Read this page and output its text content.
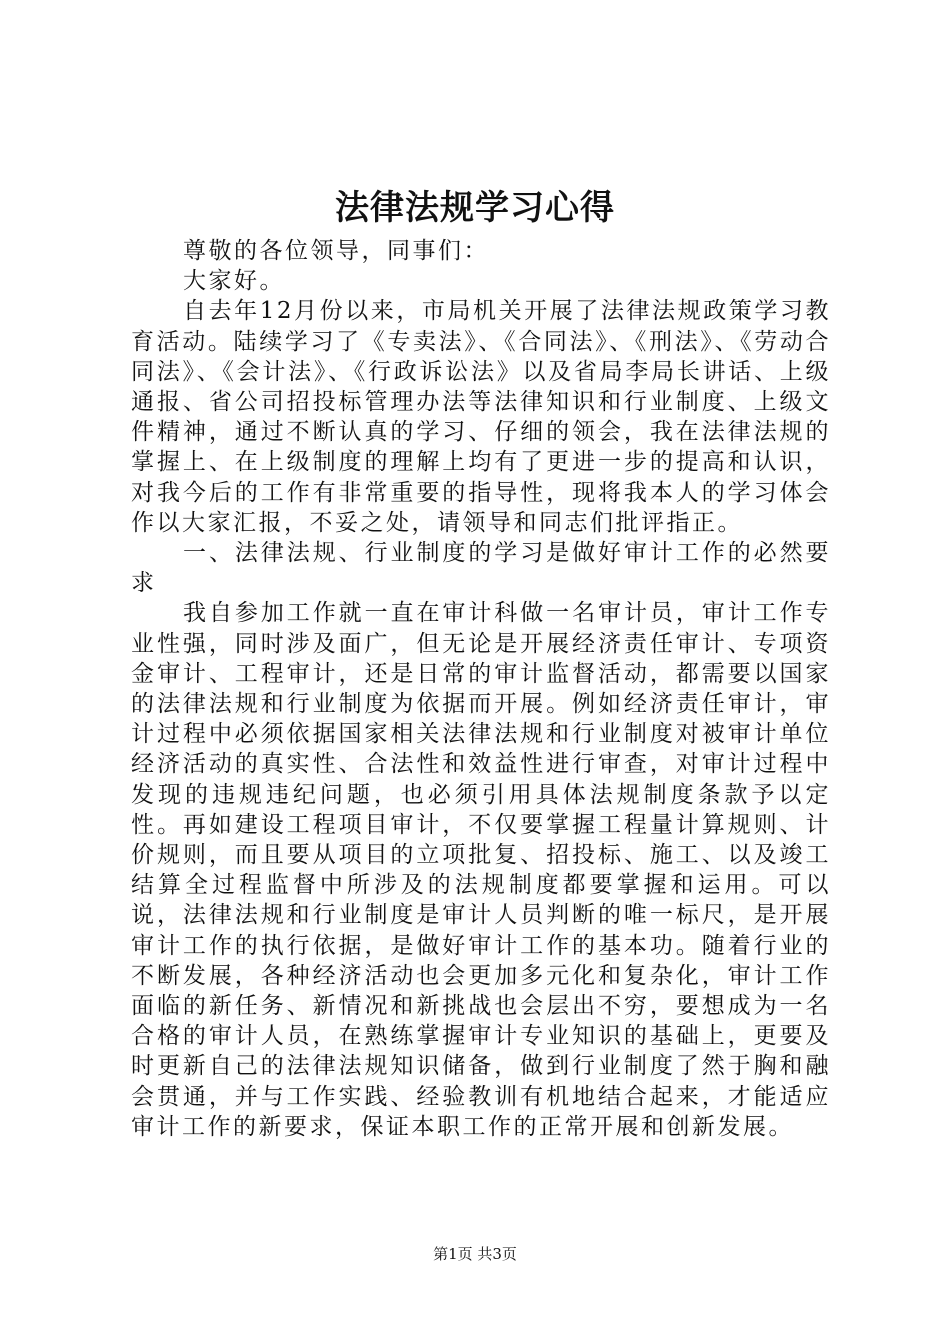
法律法规学习心得

尊敬的各位领导，同事们：

大家好。

自去年12月份以来，市局机关开展了法律法规政策学习教育活动。陆续学习了《专卖法》、《合同法》、《刑法》、《劳动合同法》、《会计法》、《行政诉讼法》以及省局李局长讲话、上级通报、省公司招投标管理办法等法律知识和行业制度、上级文件精神，通过不断认真的学习、仔细的领会，我在法律法规的掌握上、在上级制度的理解上均有了更进一步的提高和认识，对我今后的工作有非常重要的指导性，现将我本人的学习体会作以大家汇报，不妥之处，请领导和同志们批评指正。

一、法律法规、行业制度的学习是做好审计工作的必然要求

我自参加工作就一直在审计科做一名审计员，审计工作专业性强，同时涉及面广，但无论是开展经济责任审计、专项资金审计、工程审计，还是日常的审计监督活动，都需要以国家的法律法规和行业制度为依据而开展。例如经济责任审计，审计过程中必须依据国家相关法律法规和行业制度对被审计单位经济活动的真实性、合法性和效益性进行审查，对审计过程中发现的违规违纪问题，也必须引用具体法规制度条款予以定性。再如建设工程项目审计，不仅要掌握工程量计算规则、计价规则，而且要从项目的立项批复、招投标、施工、以及竣工结算全过程监督中所涉及的法规制度都要掌握和运用。可以说，法律法规和行业制度是审计人员判断的唯一标尺，是开展审计工作的执行依据，是做好审计工作的基本功。随着行业的不断发展，各种经济活动也会更加多元化和复杂化，审计工作面临的新任务、新情况和新挑战也会层出不穷，要想成为一名合格的审计人员，在熟练掌握审计专业知识的基础上，更要及时更新自己的法律法规知识储备，做到行业制度了然于胸和融会贯通，并与工作实践、经验教训有机地结合起来，才能适应审计工作的新要求，保证本职工作的正常开展和创新发展。

第1页 共3页
